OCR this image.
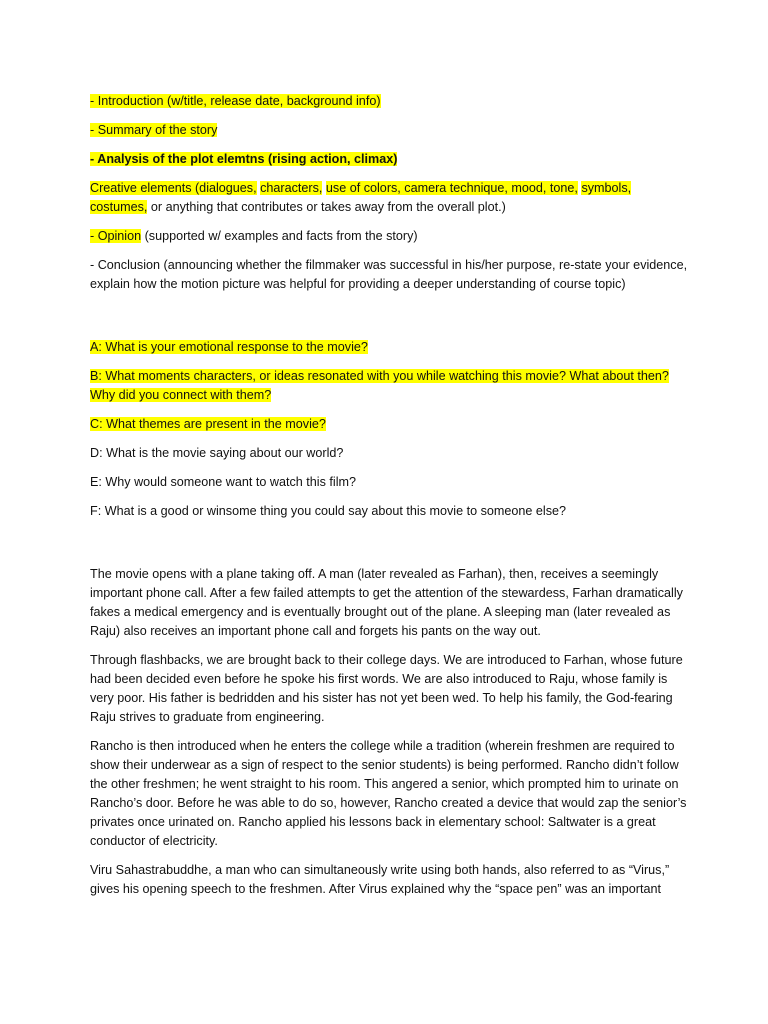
- Introduction (w/title, release date, background info)

- Summary of the story

- Analysis of the plot elemtns (rising action, climax)

Creative elements (dialogues, characters, use of colors, camera technique, mood, tone, symbols, costumes, or anything that contributes or takes away from the overall plot.)

- Opinion (supported w/ examples and facts from the story)

- Conclusion (announcing whether the filmmaker was successful in his/her purpose, re-state your evidence, explain how the motion picture was helpful for providing a deeper understanding of course topic)

A: What is your emotional response to the movie?

B: What moments characters, or ideas resonated with you while watching this movie? What about then? Why did you connect with them?

C: What themes are present in the movie?

D: What is the movie saying about our world?

E: Why would someone want to watch this film?

F: What is a good or winsome thing you could say about this movie to someone else?

The movie opens with a plane taking off. A man (later revealed as Farhan), then, receives a seemingly important phone call. After a few failed attempts to get the attention of the stewardess, Farhan dramatically fakes a medical emergency and is eventually brought out of the plane. A sleeping man (later revealed as Raju) also receives an important phone call and forgets his pants on the way out.

Through flashbacks, we are brought back to their college days. We are introduced to Farhan, whose future had been decided even before he spoke his first words. We are also introduced to Raju, whose family is very poor. His father is bedridden and his sister has not yet been wed. To help his family, the God-fearing Raju strives to graduate from engineering.

Rancho is then introduced when he enters the college while a tradition (wherein freshmen are required to show their underwear as a sign of respect to the senior students) is being performed. Rancho didn’t follow the other freshmen; he went straight to his room. This angered a senior, which prompted him to urinate on Rancho’s door. Before he was able to do so, however, Rancho created a device that would zap the senior’s privates once urinated on. Rancho applied his lessons back in elementary school: Saltwater is a great conductor of electricity.

Viru Sahastrabuddhe, a man who can simultaneously write using both hands, also referred to as “Virus,” gives his opening speech to the freshmen. After Virus explained why the “space pen” was an important
